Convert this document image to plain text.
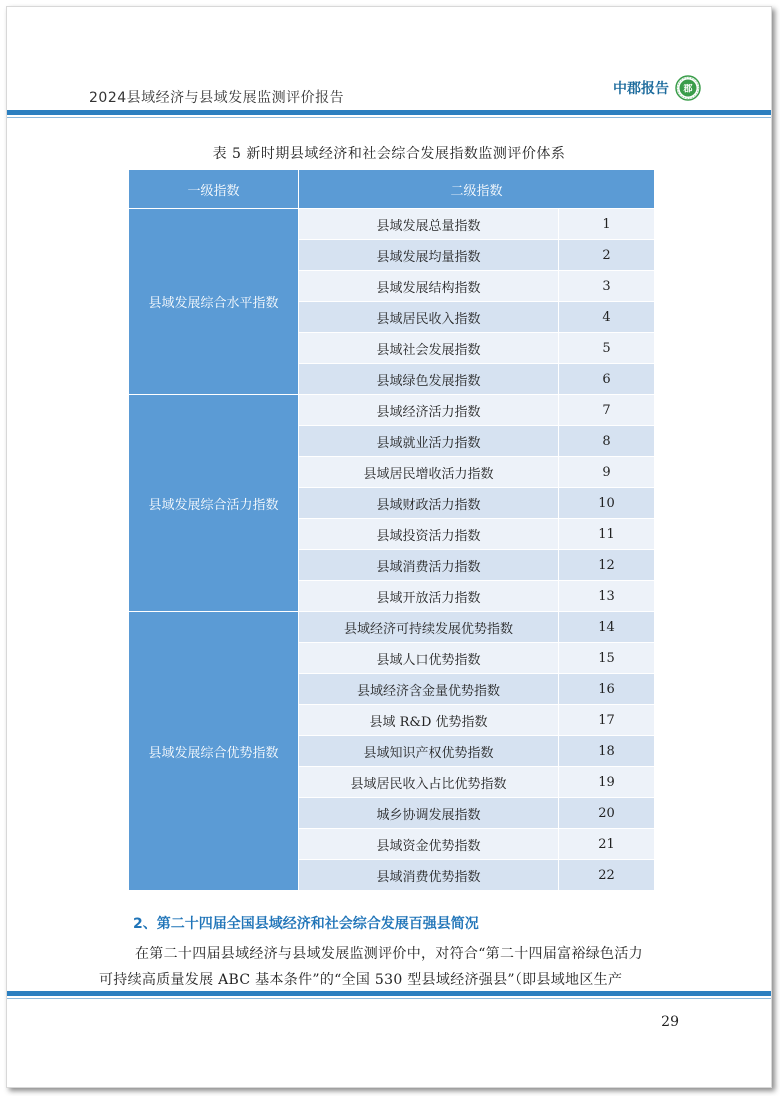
2024县域经济与县域发展监测评价报告
中郡报告 郡
表 5 新时期县域经济和社会综合发展指数监测评价体系
一级指数	二级指数	
县域发展综合水平指数	县域发展总量指数	1
	县域发展均量指数	2
	县域发展结构指数	3
	县域居民收入指数	4
	县域社会发展指数	5
	县域绿色发展指数	6
县域发展综合活力指数	县域经济活力指数	7
	县域就业活力指数	8
	县域居民增收活力指数	9
	县域财政活力指数	10
	县域投资活力指数	11
	县域消费活力指数	12
	县域开放活力指数	13
县域发展综合优势指数	县域经济可持续发展优势指数	14
	县域人口优势指数	15
	县域经济含金量优势指数	16
	县域 R&D 优势指数	17
	县域知识产权优势指数	18
	县域居民收入占比优势指数	19
	城乡协调发展指数	20
	县域资金优势指数	21
	县域消费优势指数	22
2、第二十四届全国县域经济和社会综合发展百强县简况
在第二十四届县域经济与县域发展监测评价中，对符合“第二十四届富裕绿色活力
可持续高质量发展 ABC 基本条件”的“全国 530 型县域经济强县”（即县域地区生产
29
